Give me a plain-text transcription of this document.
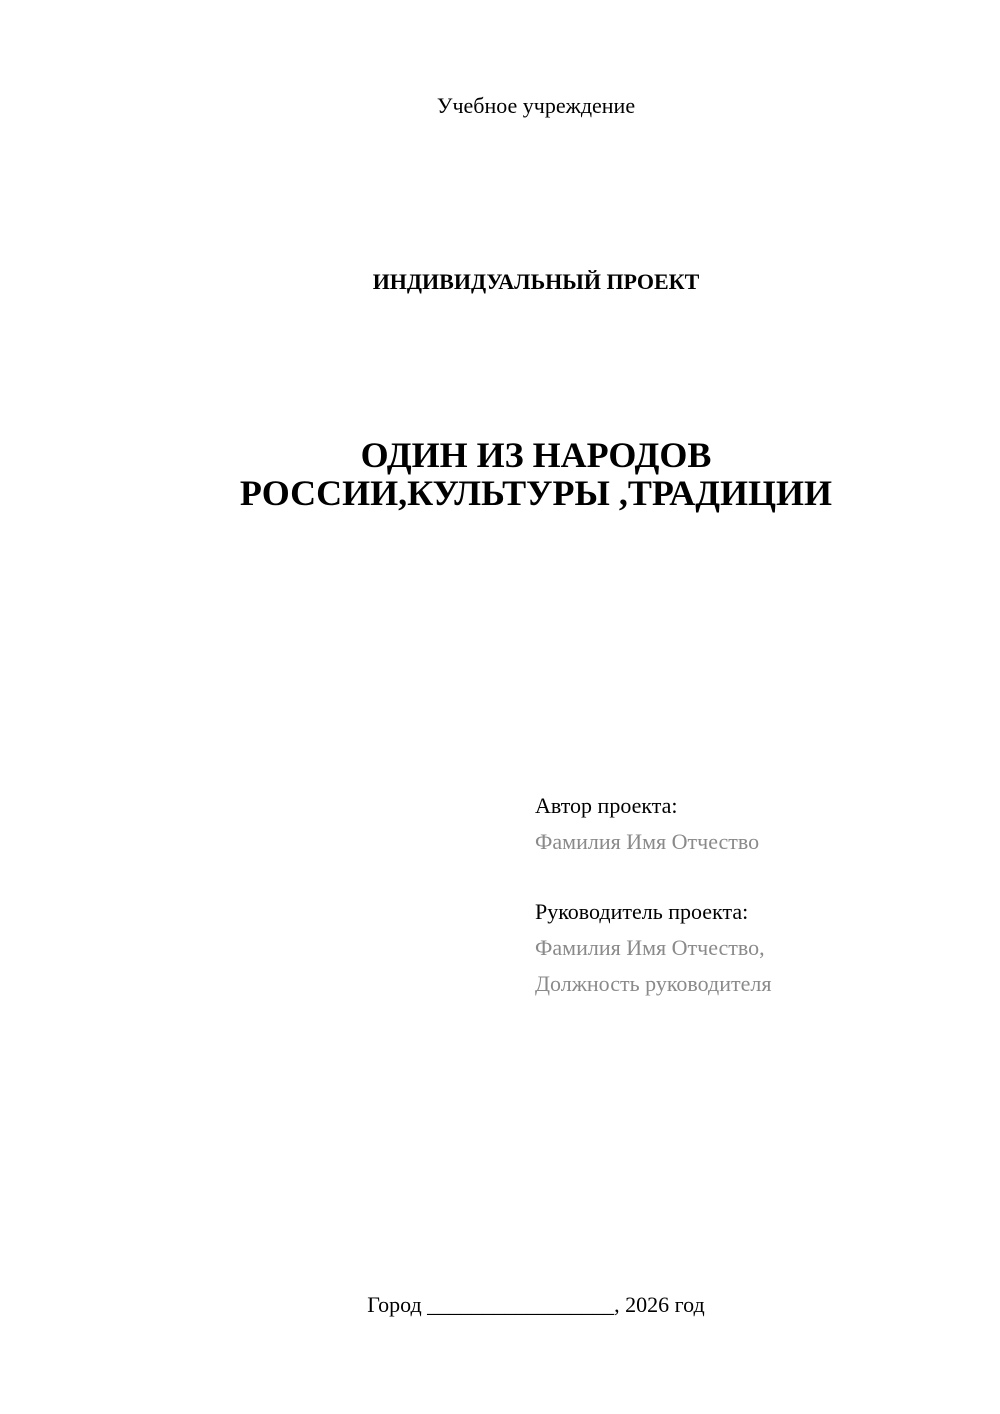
Учебное учреждение
ИНДИВИДУАЛЬНЫЙ ПРОЕКТ
ОДИН ИЗ НАРОДОВ
РОССИИ,КУЛЬТУРЫ ,ТРАДИЦИИ
Автор проекта:
Фамилия Имя Отчество
Руководитель проекта:
Фамилия Имя Отчество,
Должность руководителя
Город _________________, 2026 год
